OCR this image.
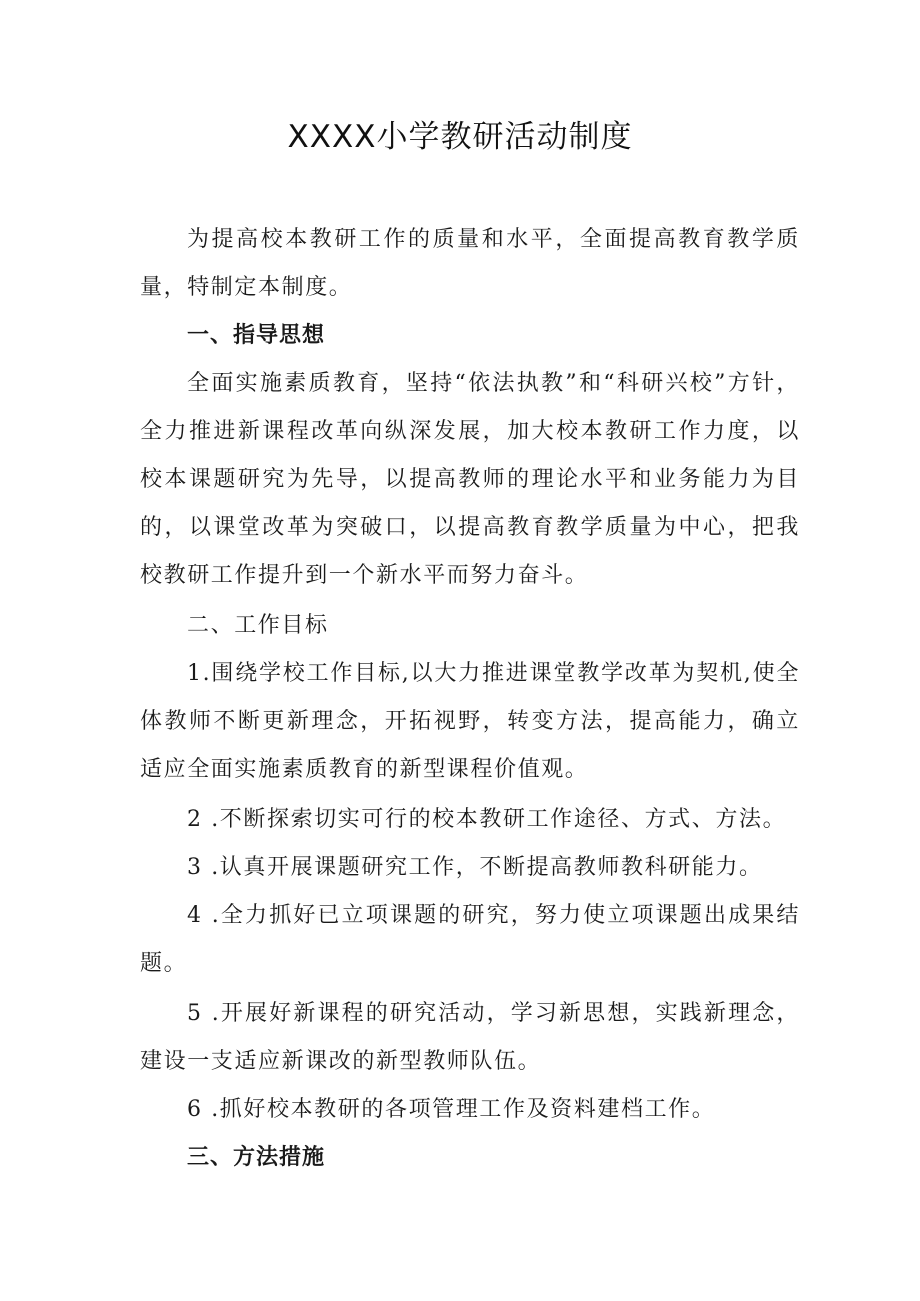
XXXX小学教研活动制度

为提高校本教研工作的质量和水平，全面提高教育教学质量，特制定本制度。

一、指导思想

全面实施素质教育，坚持“依法执教”和“科研兴校”方针，全力推进新课程改革向纵深发展，加大校本教研工作力度，以校本课题研究为先导，以提高教师的理论水平和业务能力为目的，以课堂改革为突破口，以提高教育教学质量为中心，把我校教研工作提升到一个新水平而努力奋斗。

二、工作目标

1.围绕学校工作目标,以大力推进课堂教学改革为契机,使全体教师不断更新理念，开拓视野，转变方法，提高能力，确立适应全面实施素质教育的新型课程价值观。

2 .不断探索切实可行的校本教研工作途径、方式、方法。

3 .认真开展课题研究工作，不断提高教师教科研能力。

4 .全力抓好已立项课题的研究，努力使立项课题出成果结题。

5 .开展好新课程的研究活动，学习新思想，实践新理念，建设一支适应新课改的新型教师队伍。

6 .抓好校本教研的各项管理工作及资料建档工作。

三、方法措施
